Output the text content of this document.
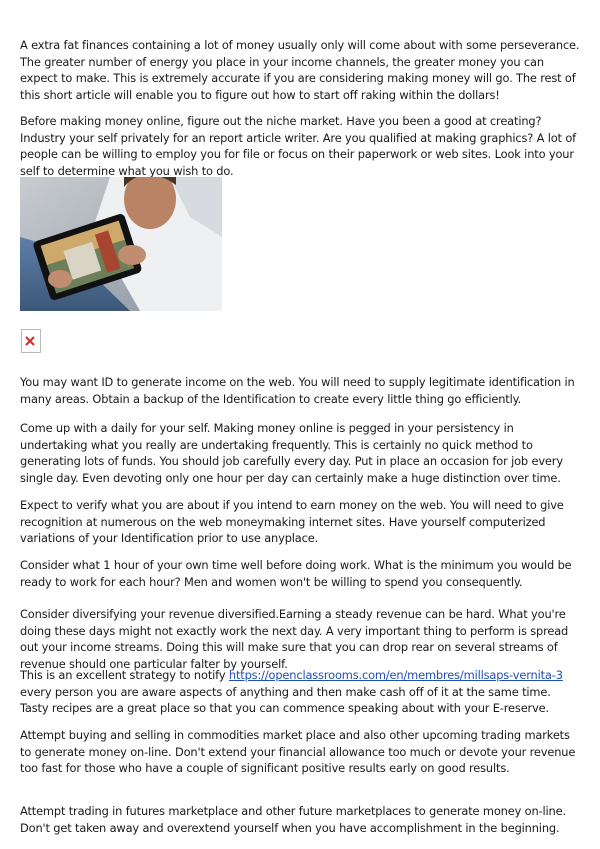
A extra fat finances containing a lot of money usually only will come about with some perseverance. The greater number of energy you place in your income channels, the greater money you can expect to make. This is extremely accurate if you are considering making money will go. The rest of this short article will enable you to figure out how to start off raking within the dollars!

Before making money online, figure out the niche market. Have you been a good at creating? Industry your self privately for an report article writer. Are you qualified at making graphics? A lot of people can be willing to employ you for file or focus on their paperwork or web sites. Look into your self to determine what you wish to do.

You may want ID to generate income on the web. You will need to supply legitimate identification in many areas. Obtain a backup of the Identification to create every little thing go efficiently.

Come up with a daily for your self. Making money online is pegged in your persistency in undertaking what you really are undertaking frequently. This is certainly no quick method to generating lots of funds. You should job carefully every day. Put in place an occasion for job every single day. Even devoting only one hour per day can certainly make a huge distinction over time.

Expect to verify what you are about if you intend to earn money on the web. You will need to give recognition at numerous on the web moneymaking internet sites. Have yourself computerized variations of your Identification prior to use anyplace.

Consider what 1 hour of your own time well before doing work. What is the minimum you would be ready to work for each hour? Men and women won't be willing to spend you consequently.

Consider diversifying your revenue diversified.Earning a steady revenue can be hard. What you're doing these days might not exactly work the next day. A very important thing to perform is spread out your income streams. Doing this will make sure that you can drop rear on several streams of revenue should one particular falter by yourself.

This is an excellent strategy to notify https://openclassrooms.com/en/membres/millsaps-vernita-3 every person you are aware aspects of anything and then make cash off of it at the same time. Tasty recipes are a great place so that you can commence speaking about with your E-reserve.

Attempt buying and selling in commodities market place and also other upcoming trading markets to generate money on-line. Don't extend your financial allowance too much or devote your revenue too fast for those who have a couple of significant positive results early on good results.

Attempt trading in futures marketplace and other future marketplaces to generate money on-line. Don't get taken away and overextend yourself when you have accomplishment in the beginning.
